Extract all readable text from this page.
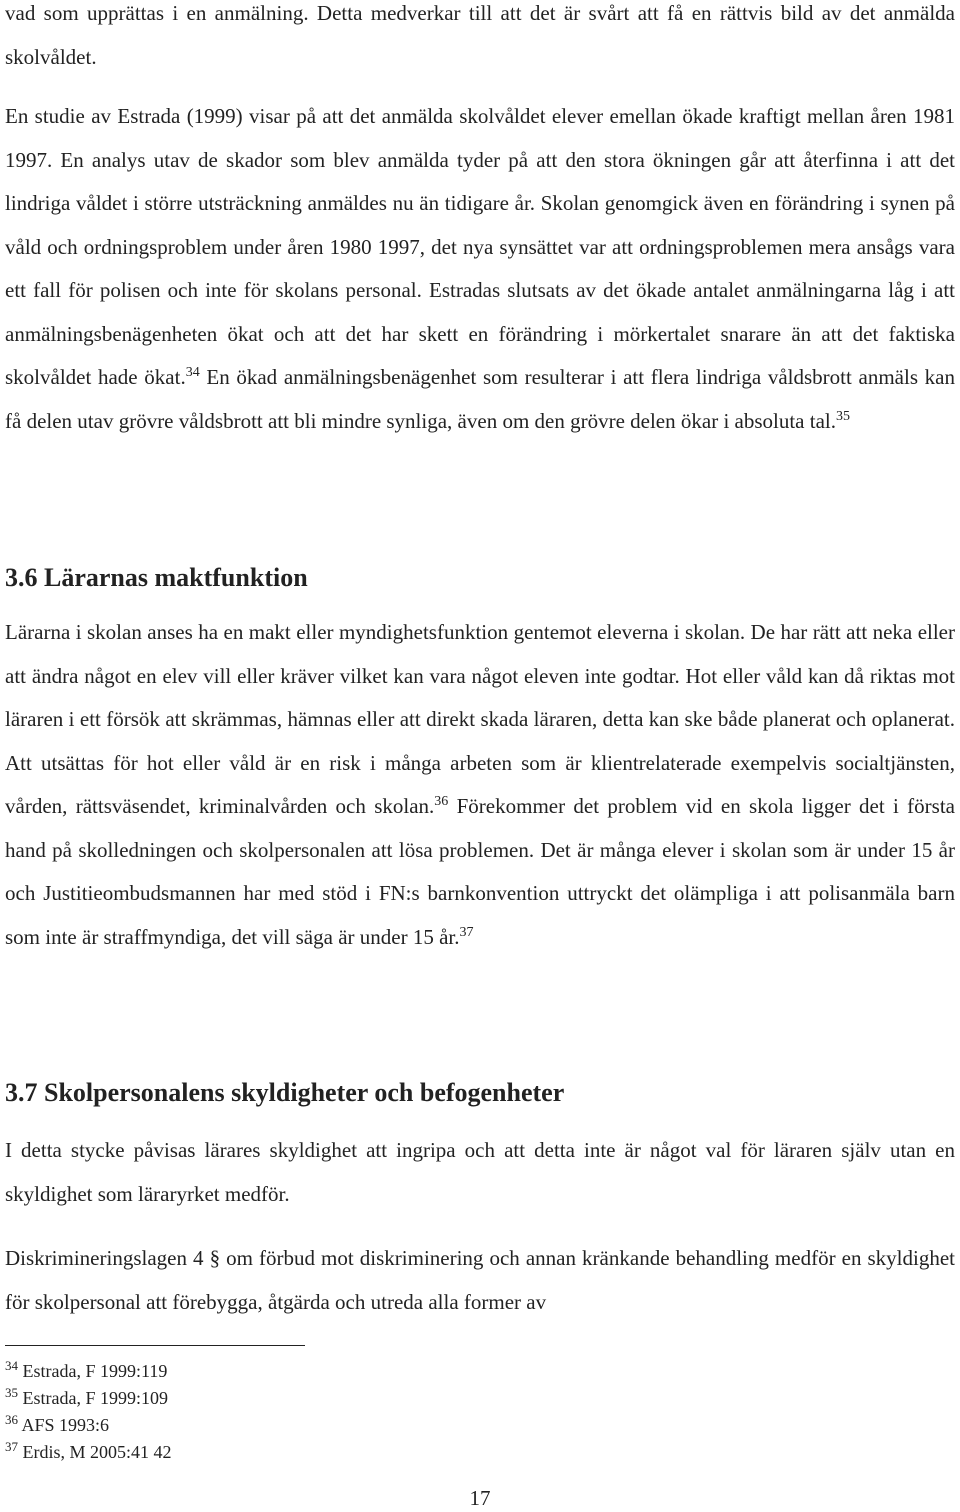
vad som upprättas i en anmälning. Detta medverkar till att det är svårt att få en rättvis bild av det anmälda skolvåldet.

En studie av Estrada (1999) visar på att det anmälda skolvåldet elever emellan ökade kraftigt mellan åren 1981 1997. En analys utav de skador som blev anmälda tyder på att den stora ökningen går att återfinna i att det lindriga våldet i större utsträckning anmäldes nu än tidigare år. Skolan genomgick även en förändring i synen på våld och ordningsproblem under åren 1980 1997, det nya synsättet var att ordningsproblemen mera ansågs vara ett fall för polisen och inte för skolans personal. Estradas slutsats av det ökade antalet anmälningarna låg i att anmälningsbenägenheten ökat och att det har skett en förändring i mörkertalet snarare än att det faktiska skolvåldet hade ökat.$^{34}$ En ökad anmälningsbenägenhet som resulterar i att flera lindriga våldsbrott anmäls kan få delen utav grövre våldsbrott att bli mindre synliga, även om den grövre delen ökar i absoluta tal.$^{35}$

3.6 Lärarnas maktfunktion

Lärarna i skolan anses ha en makt eller myndighetsfunktion gentemot eleverna i skolan. De har rätt att neka eller att ändra något en elev vill eller kräver vilket kan vara något eleven inte godtar. Hot eller våld kan då riktas mot läraren i ett försök att skrämmas, hämnas eller att direkt skada läraren, detta kan ske både planerat och oplanerat. Att utsättas för hot eller våld är en risk i många arbeten som är klientrelaterade exempelvis socialtjänsten, vården, rättsväsendet, kriminalvården och skolan.$^{36}$ Förekommer det problem vid en skola ligger det i första hand på skolledningen och skolpersonalen att lösa problemen. Det är många elever i skolan som är under 15 år och Justitieombudsmannen har med stöd i FN:s barnkonvention uttryckt det olämpliga i att polisanmäla barn som inte är straffmyndiga, det vill säga är under 15 år.$^{37}$

3.7 Skolpersonalens skyldigheter och befogenheter

I detta stycke påvisas lärares skyldighet att ingripa och att detta inte är något val för läraren själv utan en skyldighet som läraryrket medför.

Diskrimineringslagen 4 § om förbud mot diskriminering och annan kränkande behandling medför en skyldighet för skolpersonal att förebygga, åtgärda och utreda alla former av

$^{34}$ Estrada, F 1999:119

$^{35}$ Estrada, F 1999:109

$^{36}$ AFS 1993:6

$^{37}$ Erdis, M 2005:41 42

17
